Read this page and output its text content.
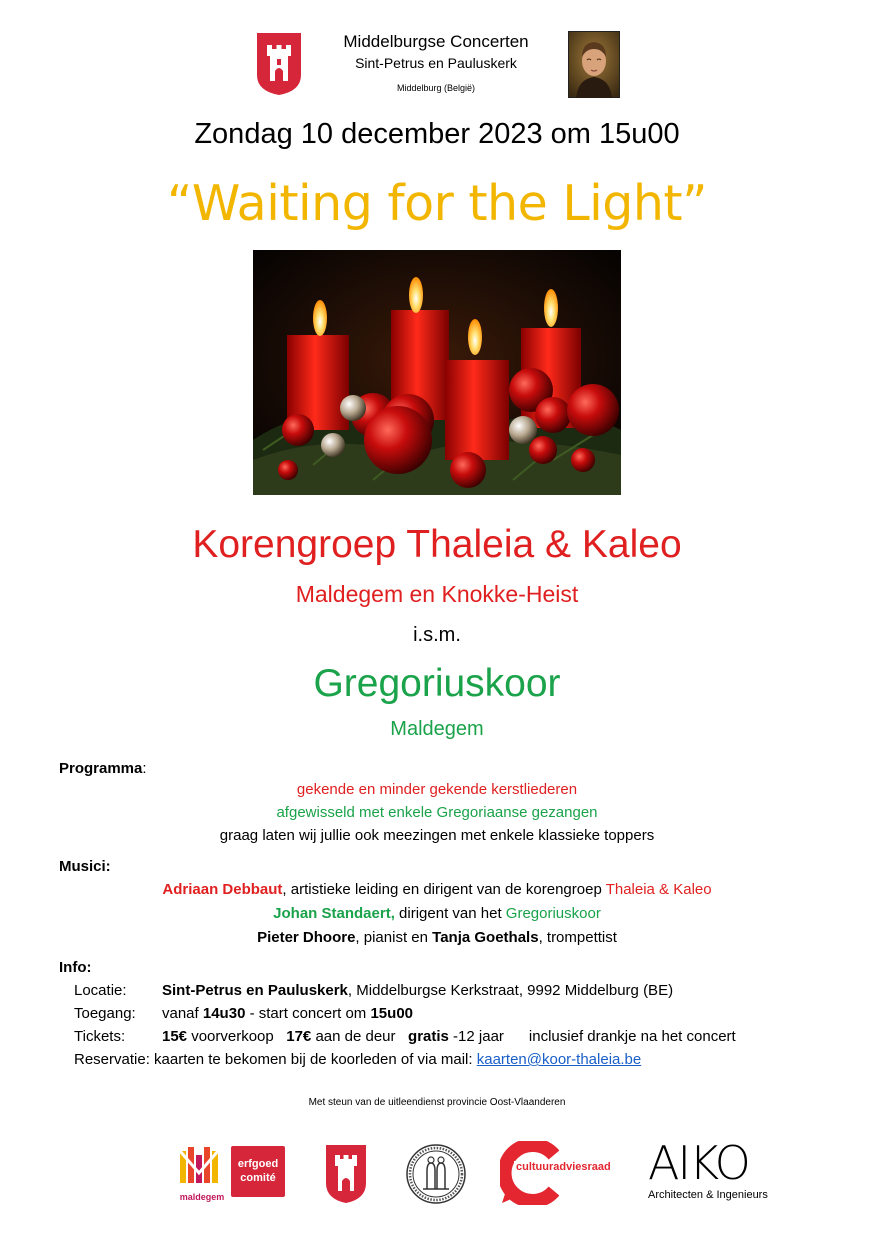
Middelburgse Concerten
Sint-Petrus en Pauluskerk
Middelburg (België)
Zondag 10 december 2023 om 15u00
“Waiting for the Light”
Korengroep Thaleia & Kaleo
Maldegem en Knokke-Heist
i.s.m.
Gregoriuskoor
Maldegem
Programma:
gekende en minder gekende kerstliederen
afgewisseld met enkele Gregoriaanse gezangen
graag laten wij jullie ook meezingen met enkele klassieke toppers
Musici:
Adriaan Debbaut, artistieke leiding en dirigent van de korengroep Thaleia & Kaleo
Johan Standaert, dirigent van het Gregoriuskoor
Pieter Dhoore, pianist en Tanja Goethals, trompettist
Info:
Locatie: Sint-Petrus en Pauluskerk, Middelburgse Kerkstraat, 9992 Middelburg (BE)
Toegang: vanaf 14u30 - start concert om 15u00
Tickets: 15€ voorverkoop   17€ aan de deur   gratis -12 jaar      inclusief drankje na het concert
Reservatie: kaarten te bekomen bij de koorleden of via mail: kaarten@koor-thaleia.be
Met steun van de uitleendienst provincie Oost-Vlaanderen
maldegem
erfgoed
comité
cultuuradviesraad
maldegem AIKO
Architecten & Ingenieurs
